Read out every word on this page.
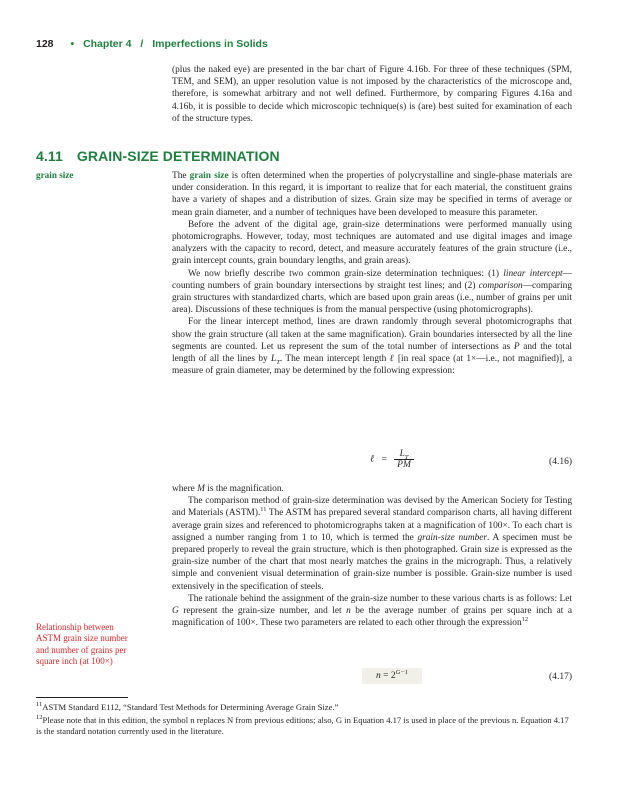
128 • Chapter 4 / Imperfections in Solids

(plus the naked eye) are presented in the bar chart of Figure 4.16b. For three of these techniques (SPM, TEM, and SEM), an upper resolution value is not imposed by the characteristics of the microscope and, therefore, is somewhat arbitrary and not well defined. Furthermore, by comparing Figures 4.16a and 4.16b, it is possible to decide which microscopic technique(s) is (are) best suited for examination of each of the structure types.

4.11 GRAIN-SIZE DETERMINATION
grain size	The grain size is often determined when the properties of polycrystalline and single-phase materials are under consideration. In this regard, it is important to realize that for each material, the constituent grains have a variety of shapes and a distribution of sizes. Grain size may be specified in terms of average or mean grain diameter, and a number of techniques have been developed to measure this parameter.

Before the advent of the digital age, grain-size determinations were performed manually using photomicrographs. However, today, most techniques are automated and use digital images and image analyzers with the capacity to record, detect, and measure accurately features of the grain structure (i.e., grain intercept counts, grain boundary lengths, and grain areas).

We now briefly describe two common grain-size determination techniques: (1) linear intercept—counting numbers of grain boundary intersections by straight test lines; and (2) comparison—comparing grain structures with standardized charts, which are based upon grain areas (i.e., number of grains per unit area). Discussions of these techniques is from the manual perspective (using photomicrographs).

For the linear intercept method, lines are drawn randomly through several photomicrographs that show the grain structure (all taken at the same magnification). Grain boundaries intersected by all the line segments are counted. Let us represent the sum of the total number of intersections as P and the total length of all the lines by $L_T$. The mean intercept length ℓ [in real space (at 1×—i.e., not magnified)], a measure of grain diameter, may be determined by the following expression:

ℓ = $\frac{L_T}{PM}$	(4.16)

where M is the magnification.

The comparison method of grain-size determination was devised by the American Society for Testing and Materials (ASTM).$^{11}$ The ASTM has prepared several standard comparison charts, all having different average grain sizes and referenced to photomicrographs taken at a magnification of 100×. To each chart is assigned a number ranging from 1 to 10, which is termed the grain-size number. A specimen must be prepared properly to reveal the grain structure, which is then photographed. Grain size is expressed as the grain-size number of the chart that most nearly matches the grains in the micrograph. Thus, a relatively simple and convenient visual determination of grain-size number is possible. Grain-size number is used extensively in the specification of steels.

The rationale behind the assignment of the grain-size number to these various charts is as follows: Let G represent the grain-size number, and let n be the average number of grains per square inch at a magnification of 100×. These two parameters are related to each other through the expression$^{12}$

Relationship between ASTM grain size number and number of grains per square inch (at 100×)
$n = 2^{G-1}$	(4.17)

$^{11}$ASTM Standard E112, “Standard Test Methods for Determining Average Grain Size.”

$^{12}$Please note that in this edition, the symbol n replaces N from previous editions; also, G in Equation 4.17 is used in place of the previous n. Equation 4.17 is the standard notation currently used in the literature.
